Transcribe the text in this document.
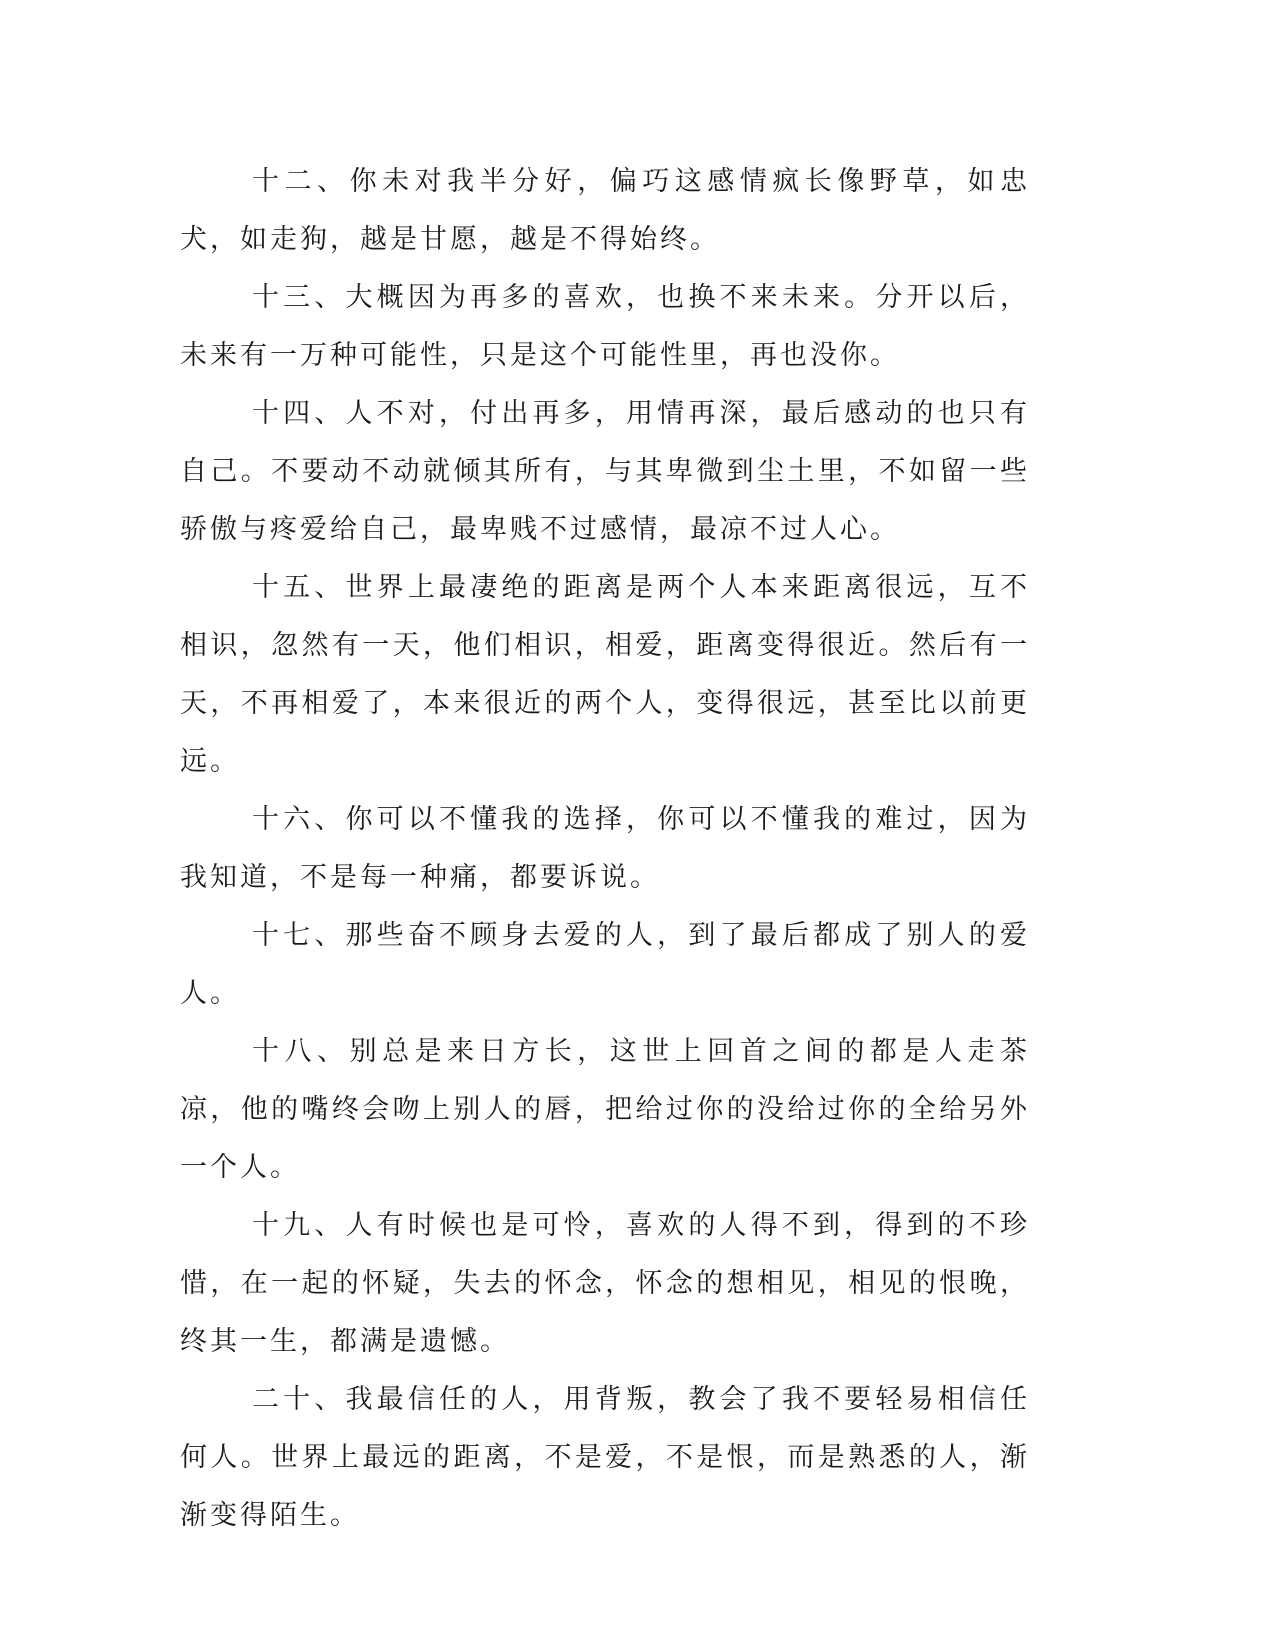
十二、你未对我半分好，偏巧这感情疯长像野草，如忠犬，如走狗，越是甘愿，越是不得始终。

十三、大概因为再多的喜欢，也换不来未来。分开以后，未来有一万种可能性，只是这个可能性里，再也没你。

十四、人不对，付出再多，用情再深，最后感动的也只有自己。不要动不动就倾其所有，与其卑微到尘土里，不如留一些骄傲与疼爱给自己，最卑贱不过感情，最凉不过人心。

十五、世界上最凄绝的距离是两个人本来距离很远，互不相识，忽然有一天，他们相识，相爱，距离变得很近。然后有一天，不再相爱了，本来很近的两个人，变得很远，甚至比以前更远。

十六、你可以不懂我的选择，你可以不懂我的难过，因为我知道，不是每一种痛，都要诉说。

十七、那些奋不顾身去爱的人，到了最后都成了别人的爱人。

十八、别总是来日方长，这世上回首之间的都是人走茶凉，他的嘴终会吻上别人的唇，把给过你的没给过你的全给另外一个人。

十九、人有时候也是可怜，喜欢的人得不到，得到的不珍惜，在一起的怀疑，失去的怀念，怀念的想相见，相见的恨晚，终其一生，都满是遗憾。

二十、我最信任的人，用背叛，教会了我不要轻易相信任何人。世界上最远的距离，不是爱，不是恨，而是熟悉的人，渐渐变得陌生。
